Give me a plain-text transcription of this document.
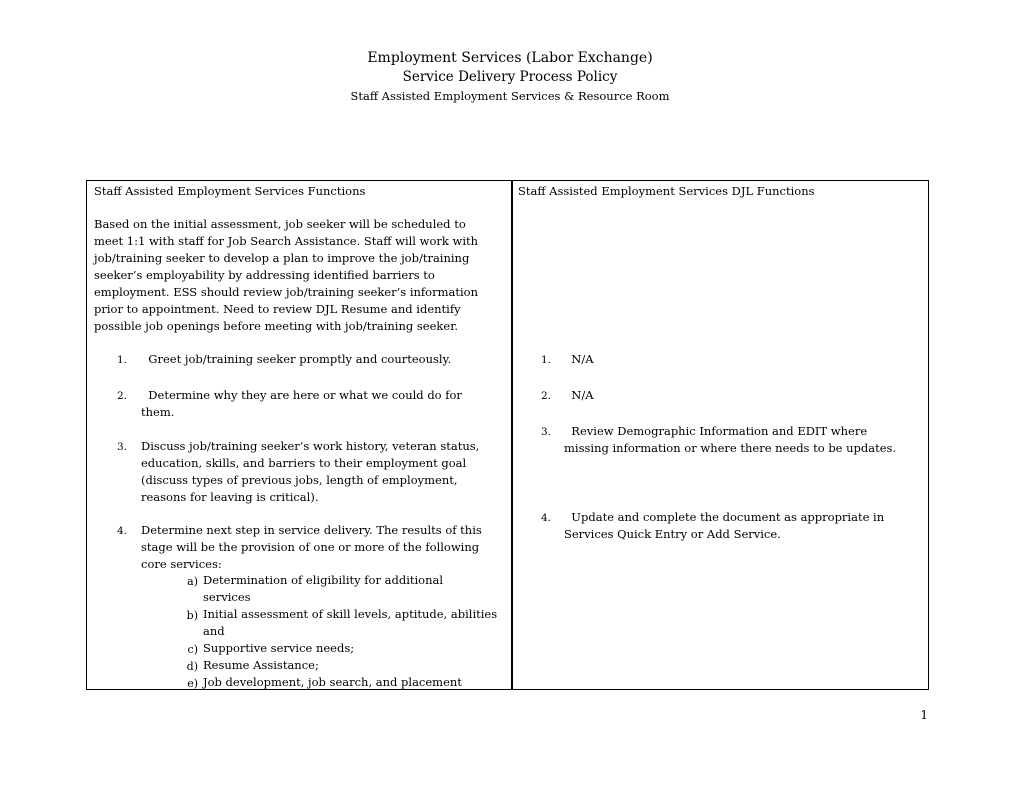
Employment Services (Labor Exchange)
Service Delivery Process Policy
Staff Assisted Employment Services & Resource Room
Staff Assisted Employment Services Functions
Based on the initial assessment, job seeker will be scheduled to
meet 1:1 with staff for Job Search Assistance. Staff will work with
job/training seeker to develop a plan to improve the job/training
seeker’s employability by addressing identified barriers to
employment. ESS should review job/training seeker’s information
prior to appointment. Need to review DJL Resume and identify
possible job openings before meeting with job/training seeker.
1.	Greet job/training seeker promptly and courteously.
2.	Determine why they are here or what we could do for
them.
3.	Discuss job/training seeker’s work history, veteran status,
education, skills, and barriers to their employment goal
(discuss types of previous jobs, length of employment,
reasons for leaving is critical).
4.	Determine next step in service delivery. The results of this
stage will be the provision of one or more of the following
core services:
a) Determination of eligibility for additional
services
b) Initial assessment of skill levels, aptitude, abilities
and
c) Supportive service needs;
d) Resume Assistance;
e) Job development, job search, and placement
Staff Assisted Employment Services DJL Functions
1.	N/A
2.	N/A
3.	Review Demographic Information and EDIT where
missing information or where there needs to be updates.
4.	Update and complete the document as appropriate in
Services Quick Entry or Add Service.
1
